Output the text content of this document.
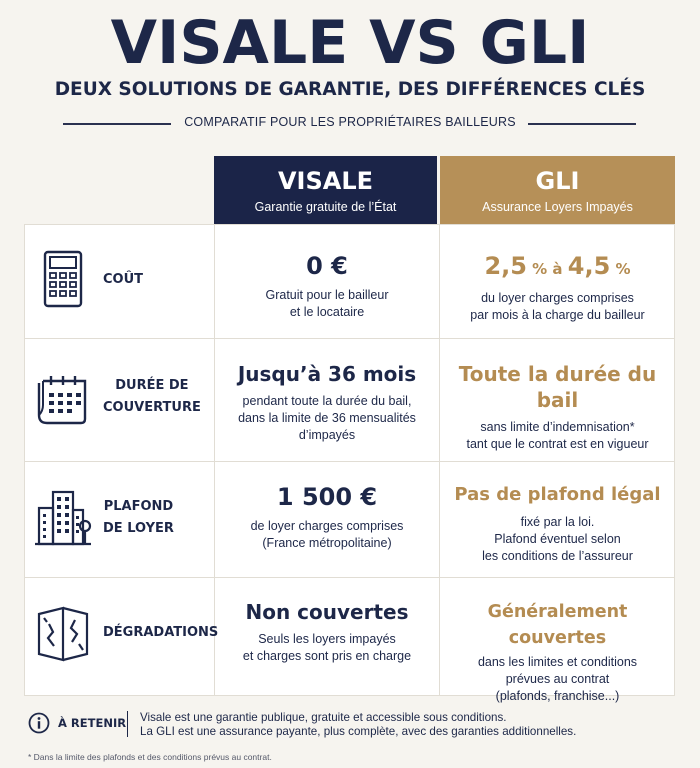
VISALE VS GLI
DEUX SOLUTIONS DE GARANTIE, DES DIFFÉRENCES CLÉS
COMPARATIF POUR LES PROPRIÉTAIRES BAILLEURS
VISALE
Garantie gratuite de l’État
GLI
Assurance Loyers Impayés
COÛT	0 €
Gratuit pour le bailleur
et le locataire
2,5 % à 4,5 %
du loyer charges comprises
par mois à la charge du bailleur
DURÉE DE
COUVERTURE
Jusqu’à 36 mois
pendant toute la durée du bail,
dans la limite de 36 mensualités
d’impayés
Toute la durée du bail
sans limite d’indemnisation*
tant que le contrat est en vigueur
PLAFOND
DE LOYER
1 500 €
de loyer charges comprises
(France métropolitaine)
Pas de plafond légal
fixé par la loi.
Plafond éventuel selon
les conditions de l’assureur
DÉGRADATIONS
Non couvertes
Seuls les loyers impayés
et charges sont pris en charge
Généralement couvertes
dans les limites et conditions
prévues au contrat
(plafonds, franchise...)
À RETENIR Visale est une garantie publique, gratuite et accessible sous conditions.
La GLI est une assurance payante, plus complète, avec des garanties additionnelles.
* Dans la limite des plafonds et des conditions prévus au contrat.
